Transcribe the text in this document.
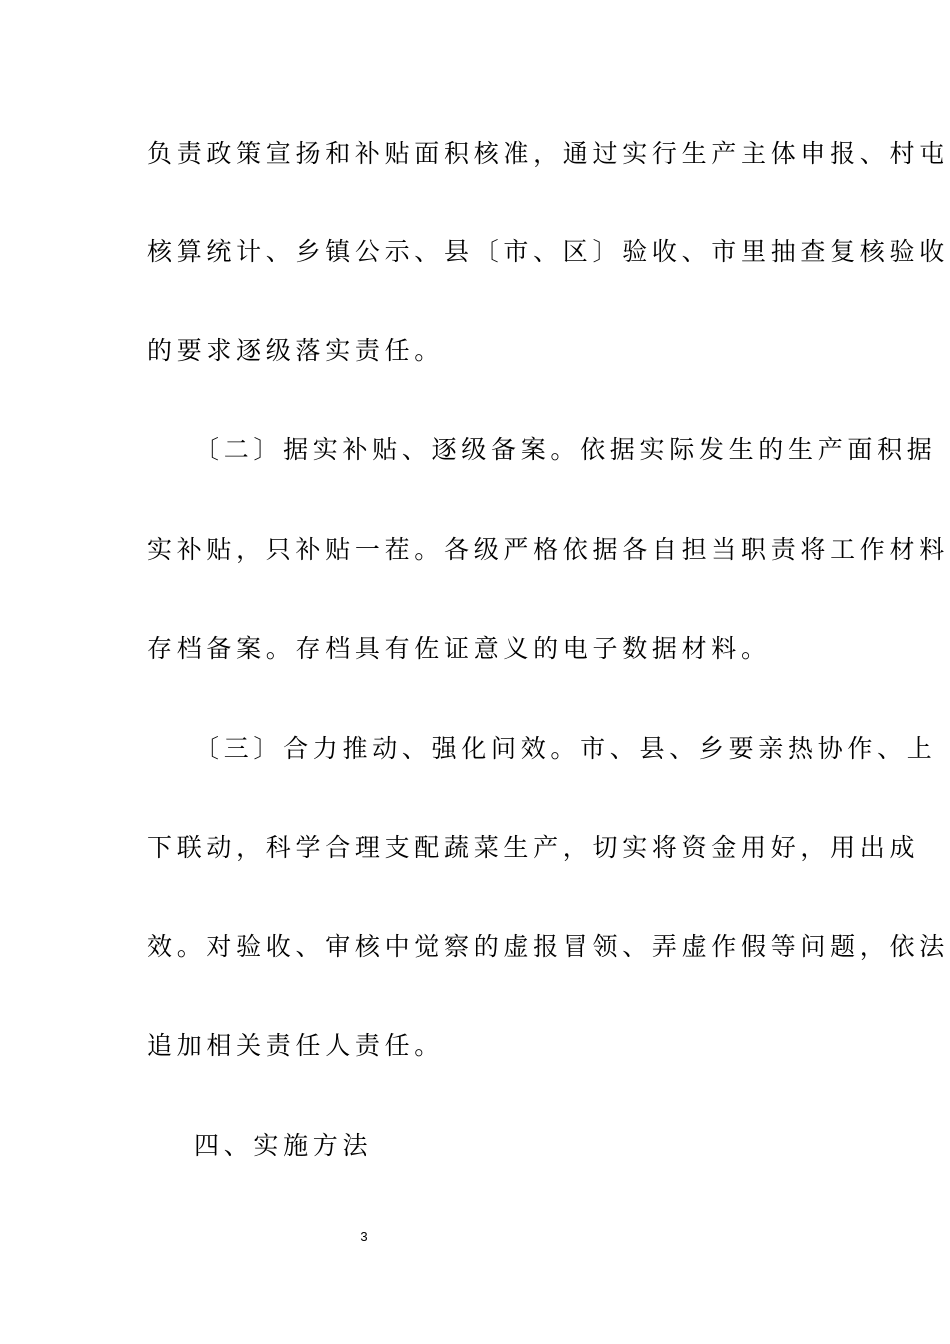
负责政策宣扬和补贴面积核准，通过实行生产主体申报、村屯
核算统计、乡镇公示、县〔市、区〕验收、市里抽查复核验收
的要求逐级落实责任。
〔二〕据实补贴、逐级备案。依据实际发生的生产面积据
实补贴，只补贴一茬。各级严格依据各自担当职责将工作材料
存档备案。存档具有佐证意义的电子数据材料。
〔三〕合力推动、强化问效。市、县、乡要亲热协作、上
下联动，科学合理支配蔬菜生产，切实将资金用好，用出成
效。对验收、审核中觉察的虚报冒领、弄虚作假等问题，依法
追加相关责任人责任。
四、实施方法
3
